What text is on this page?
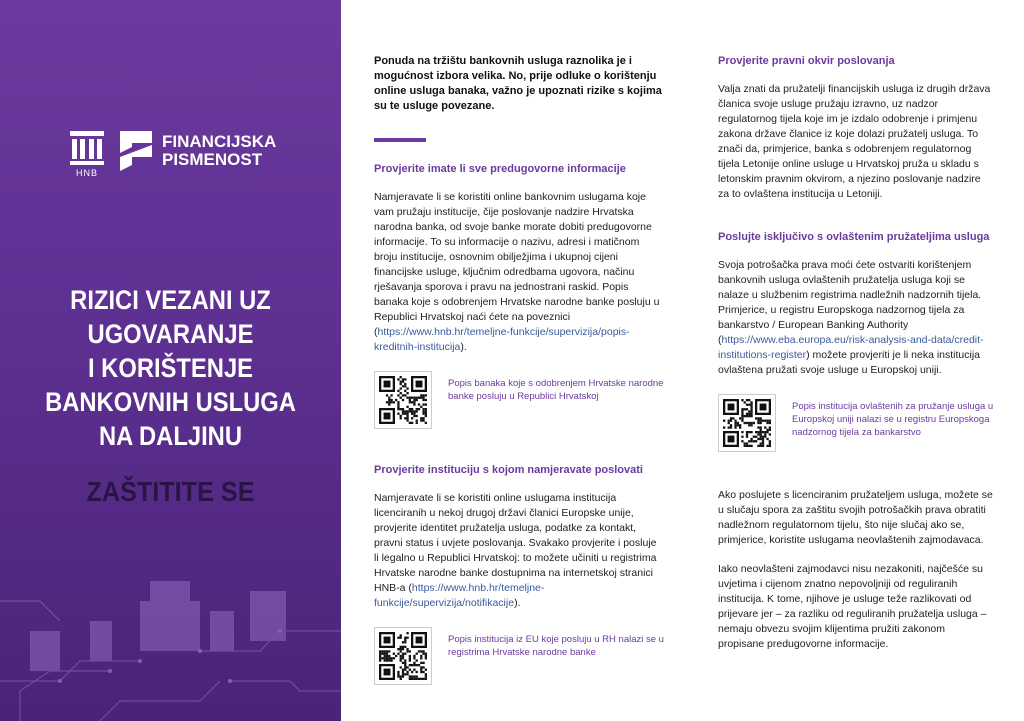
HNB
FINANCIJSKA
PISMENOST
RIZICI VEZANI UZ
UGOVARANJE
I KORIŠTENJE
BANKOVNIH USLUGA
NA DALJINU
ZAŠTITITE SE
Ponuda na tržištu bankovnih usluga raznolika je i mogućnost izbora velika. No, prije odluke o korištenju online usluga banaka, važno je upoznati rizike s kojima su te usluge povezane.
Provjerite imate li sve predugovorne informacije
Namjeravate li se koristiti online bankovnim uslugama koje vam pružaju institucije, čije poslovanje nadzire Hrvatska narodna banka, od svoje banke morate dobiti predugovorne informacije. To su informacije o nazivu, adresi i matičnom broju institucije, osnovnim obilježjima i ukupnoj cijeni financijske usluge, ključnim odredbama ugovora, načinu rješavanja sporova i pravu na jednostrani raskid. Popis banaka koje s odobrenjem Hrvatske narodne banke posluju u Republici Hrvatskoj naći ćete na poveznici (https://www.hnb.hr/temeljne-funkcije/supervizija/popis-kreditnih-institucija).
Popis banaka koje s odobrenjem Hrvatske narodne banke posluju u Republici Hrvatskoj
Provjerite instituciju s kojom namjeravate poslovati
Namjeravate li se koristiti online uslugama institucija licenciranih u nekoj drugoj državi članici Europske unije, provjerite identitet pružatelja usluga, podatke za kontakt, pravni status i uvjete poslovanja. Svakako provjerite i posluje li legalno u Republici Hrvatskoj: to možete učiniti u registrima Hrvatske narodne banke dostupnima na internetskoj stranici HNB-a (https://www.hnb.hr/temeljne-funkcije/supervizija/notifikacije).
Popis institucija iz EU koje posluju u RH nalazi se u registrima Hrvatske narodne banke
Provjerite pravni okvir poslovanja
Valja znati da pružatelji financijskih usluga iz drugih država članica svoje usluge pružaju izravno, uz nadzor regulatornog tijela koje im je izdalo odobrenje i primjenu zakona države članice iz koje dolazi pružatelj usluga. To znači da, primjerice, banka s odobrenjem regulatornog tijela Letonije online usluge u Hrvatskoj pruža u skladu s letonskim pravnim okvirom, a njezino poslovanje nadzire za to ovlaštena institucija u Letoniji.
Poslujte isključivo s ovlaštenim pružateljima usluga
Svoja potrošačka prava moći ćete ostvariti korištenjem bankovnih usluga ovlaštenih pružatelja usluga koji se nalaze u službenim registrima nadležnih nadzornih tijela. Primjerice, u registru Europskoga nadzornog tijela za bankarstvo / European Banking Authority (https://www.eba.europa.eu/risk-analysis-and-data/credit-institutions-register) možete provjeriti je li neka institucija ovlaštena pružati svoje usluge u Europskoj uniji.
Popis institucija ovlaštenih za pružanje usluga u Europskoj uniji nalazi se u registru Europskoga nadzornog tijela za bankarstvo
Ako poslujete s licenciranim pružateljem usluga, možete se u slučaju spora za zaštitu svojih potrošačkih prava obratiti nadležnom regulatornom tijelu, što nije slučaj ako se, primjerice, koristite uslugama neovlaštenih zajmodavaca.
Iako neovlašteni zajmodavci nisu nezakoniti, najčešće su uvjetima i cijenom znatno nepovoljniji od reguliranih institucija. K tome, njihove je usluge teže razlikovati od prijevare jer – za razliku od reguliranih pružatelja usluga – nemaju obvezu svojim klijentima pružiti zakonom propisane predugovorne informacije.
